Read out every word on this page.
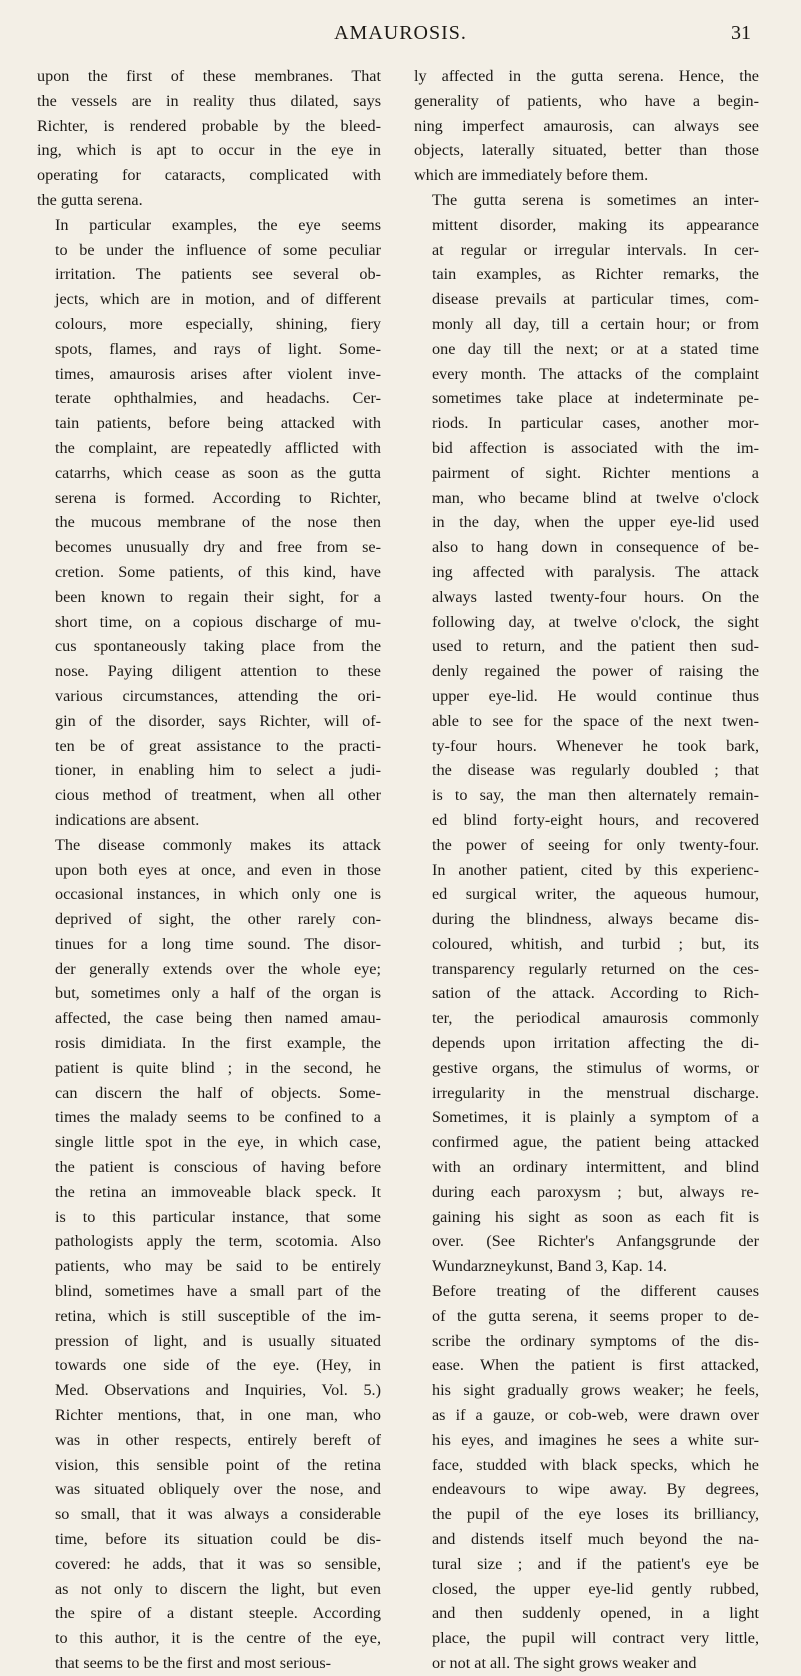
AMAUROSIS.	31

upon the first of these membranes. That
the vessels are in reality thus dilated, says
Richter, is rendered probable by the bleed-
ing, which is apt to occur in the eye in
operating for cataracts, complicated with
the gutta serena.

In particular examples, the eye seems
to be under the influence of some peculiar
irritation. The patients see several ob-
jects, which are in motion, and of different
colours, more especially, shining, fiery
spots, flames, and rays of light. Some-
times, amaurosis arises after violent inve-
terate ophthalmies, and headachs. Cer-
tain patients, before being attacked with
the complaint, are repeatedly afflicted with
catarrhs, which cease as soon as the gutta
serena is formed. According to Richter,
the mucous membrane of the nose then
becomes unusually dry and free from se-
cretion. Some patients, of this kind, have
been known to regain their sight, for a
short time, on a copious discharge of mu-
cus spontaneously taking place from the
nose. Paying diligent attention to these
various circumstances, attending the ori-
gin of the disorder, says Richter, will of-
ten be of great assistance to the practi-
tioner, in enabling him to select a judi-
cious method of treatment, when all other
indications are absent.

The disease commonly makes its attack
upon both eyes at once, and even in those
occasional instances, in which only one is
deprived of sight, the other rarely con-
tinues for a long time sound. The disor-
der generally extends over the whole eye;
but, sometimes only a half of the organ is
affected, the case being then named amau-
rosis dimidiata. In the first example, the
patient is quite blind ; in the second, he
can discern the half of objects. Some-
times the malady seems to be confined to a
single little spot in the eye, in which case,
the patient is conscious of having before
the retina an immoveable black speck. It
is to this particular instance, that some
pathologists apply the term, scotomia. Also
patients, who may be said to be entirely
blind, sometimes have a small part of the
retina, which is still susceptible of the im-
pression of light, and is usually situated
towards one side of the eye. (Hey, in
Med. Observations and Inquiries, Vol. 5.)
Richter mentions, that, in one man, who
was in other respects, entirely bereft of
vision, this sensible point of the retina
was situated obliquely over the nose, and
so small, that it was always a considerable
time, before its situation could be dis-
covered: he adds, that it was so sensible,
as not only to discern the light, but even
the spire of a distant steeple. According
to this author, it is the centre of the eye,
that seems to be the first and most serious-

ly affected in the gutta serena. Hence, the
generality of patients, who have a begin-
ning imperfect amaurosis, can always see
objects, laterally situated, better than those
which are immediately before them.

The gutta serena is sometimes an inter-
mittent disorder, making its appearance
at regular or irregular intervals. In cer-
tain examples, as Richter remarks, the
disease prevails at particular times, com-
monly all day, till a certain hour; or from
one day till the next; or at a stated time
every month. The attacks of the complaint
sometimes take place at indeterminate pe-
riods. In particular cases, another mor-
bid affection is associated with the im-
pairment of sight. Richter mentions a
man, who became blind at twelve o'clock
in the day, when the upper eye-lid used
also to hang down in consequence of be-
ing affected with paralysis. The attack
always lasted twenty-four hours. On the
following day, at twelve o'clock, the sight
used to return, and the patient then sud-
denly regained the power of raising the
upper eye-lid. He would continue thus
able to see for the space of the next twen-
ty-four hours. Whenever he took bark,
the disease was regularly doubled ; that
is to say, the man then alternately remain-
ed blind forty-eight hours, and recovered
the power of seeing for only twenty-four.
In another patient, cited by this experienc-
ed surgical writer, the aqueous humour,
during the blindness, always became dis-
coloured, whitish, and turbid ; but, its
transparency regularly returned on the ces-
sation of the attack. According to Rich-
ter, the periodical amaurosis commonly
depends upon irritation affecting the di-
gestive organs, the stimulus of worms, or
irregularity in the menstrual discharge.
Sometimes, it is plainly a symptom of a
confirmed ague, the patient being attacked
with an ordinary intermittent, and blind
during each paroxysm ; but, always re-
gaining his sight as soon as each fit is
over. (See Richter's Anfangsgrunde der
Wundarzneykunst, Band 3, Kap. 14.

Before treating of the different causes
of the gutta serena, it seems proper to de-
scribe the ordinary symptoms of the dis-
ease. When the patient is first attacked,
his sight gradually grows weaker; he feels,
as if a gauze, or cob-web, were drawn over
his eyes, and imagines he sees a white sur-
face, studded with black specks, which he
endeavours to wipe away. By degrees,
the pupil of the eye loses its brilliancy,
and distends itself much beyond the na-
tural size ; and if the patient's eye be
closed, the upper eye-lid gently rubbed,
and then suddenly opened, in a light
place, the pupil will contract very little,
or not at all. The sight grows weaker and
